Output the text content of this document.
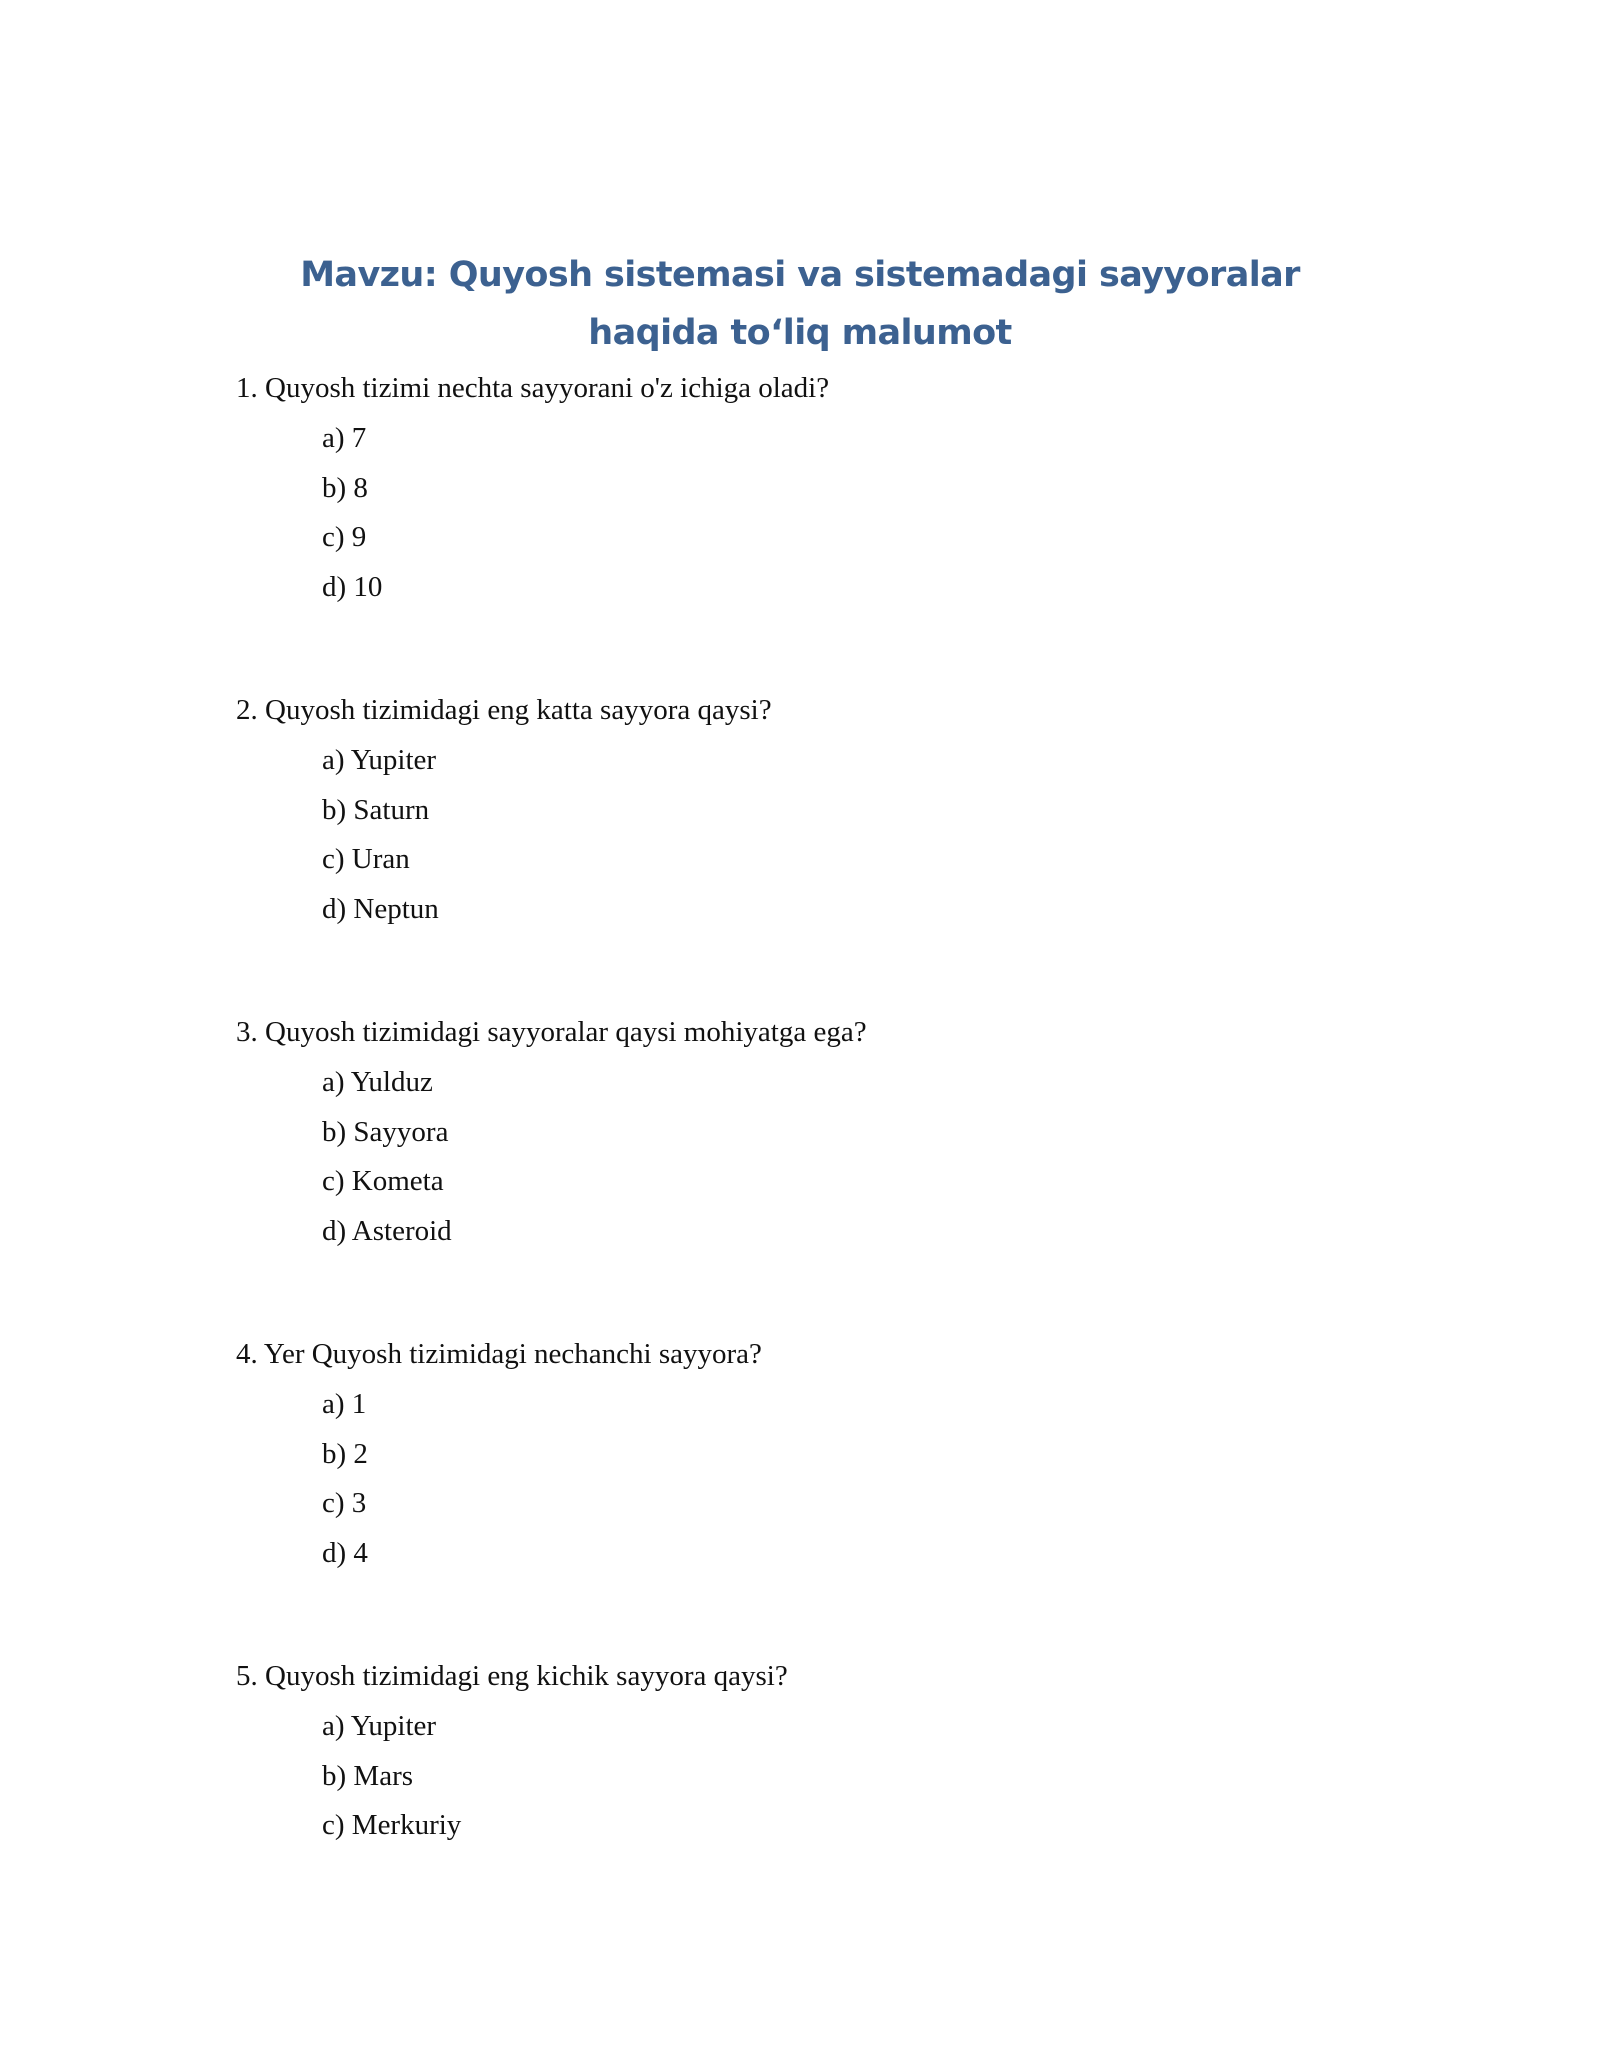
Mavzu: Quyosh sistemasi va sistemadagi sayyoralar haqida to‘liq malumot

1. Quyosh tizimi nechta sayyorani o'z ichiga oladi?

a) 7
b) 8
c) 9
d) 10

2. Quyosh tizimidagi eng katta sayyora qaysi?

a) Yupiter
b) Saturn
c) Uran
d) Neptun

3. Quyosh tizimidagi sayyoralar qaysi mohiyatga ega?

a) Yulduz
b) Sayyora
c) Kometa
d) Asteroid

4. Yer Quyosh tizimidagi nechanchi sayyora?

a) 1
b) 2
c) 3
d) 4

5. Quyosh tizimidagi eng kichik sayyora qaysi?

a) Yupiter
b) Mars
c) Merkuriy
